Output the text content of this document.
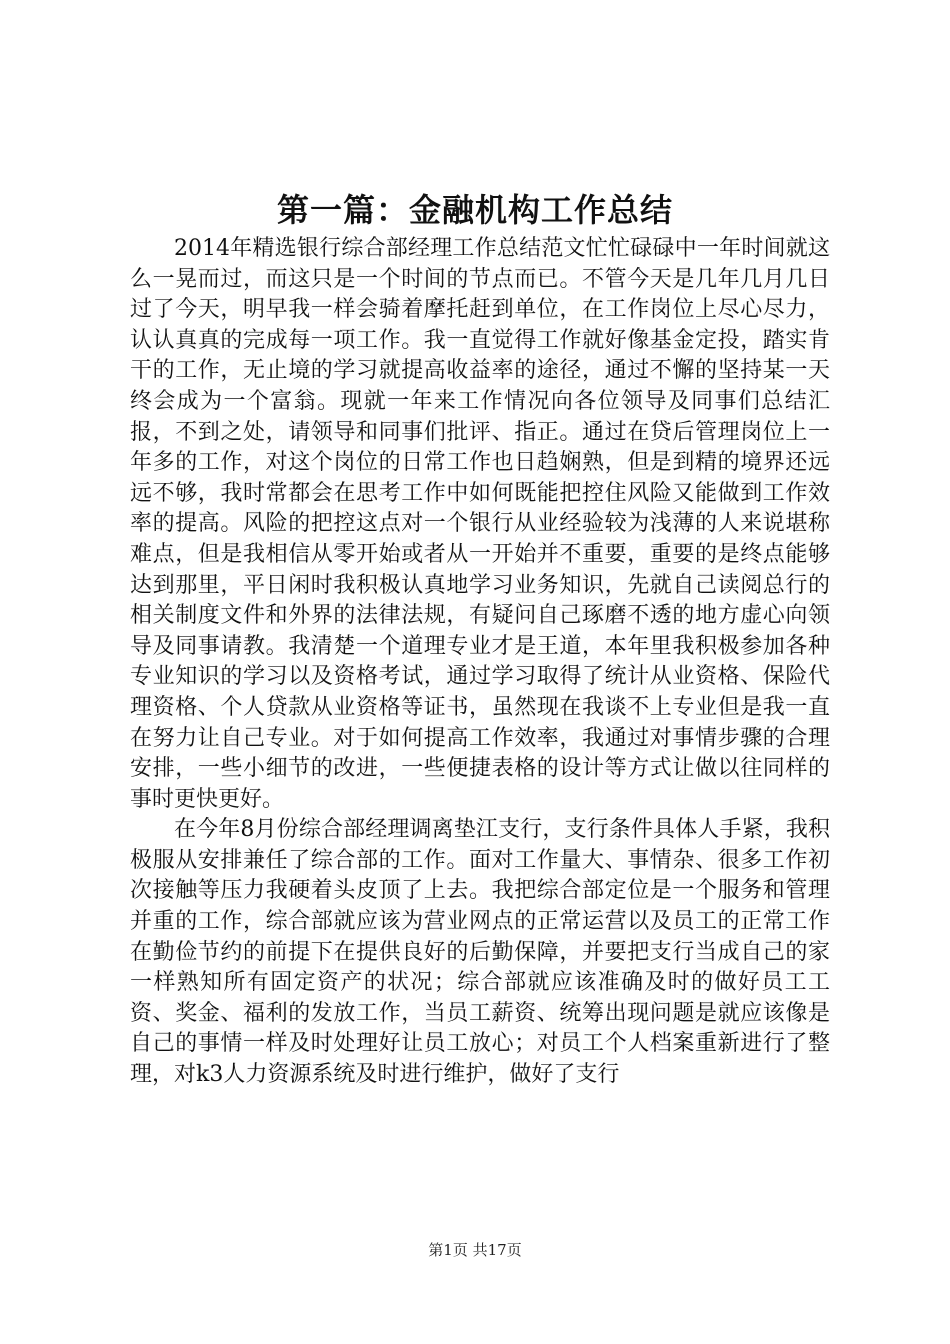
第一篇：金融机构工作总结

2014年精选银行综合部经理工作总结范文忙忙碌碌中一年时间就这么一晃而过，而这只是一个时间的节点而已。不管今天是几年几月几日过了今天，明早我一样会骑着摩托赶到单位，在工作岗位上尽心尽力，认认真真的完成每一项工作。我一直觉得工作就好像基金定投，踏实肯干的工作，无止境的学习就提高收益率的途径，通过不懈的坚持某一天终会成为一个富翁。现就一年来工作情况向各位领导及同事们总结汇报，不到之处，请领导和同事们批评、指正。通过在贷后管理岗位上一年多的工作，对这个岗位的日常工作也日趋娴熟，但是到精的境界还远远不够，我时常都会在思考工作中如何既能把控住风险又能做到工作效率的提高。风险的把控这点对一个银行从业经验较为浅薄的人来说堪称难点，但是我相信从零开始或者从一开始并不重要，重要的是终点能够达到那里，平日闲时我积极认真地学习业务知识，先就自己读阅总行的相关制度文件和外界的法律法规，有疑问自己琢磨不透的地方虚心向领导及同事请教。我清楚一个道理专业才是王道，本年里我积极参加各种专业知识的学习以及资格考试，通过学习取得了统计从业资格、保险代理资格、个人贷款从业资格等证书，虽然现在我谈不上专业但是我一直在努力让自己专业。对于如何提高工作效率，我通过对事情步骤的合理安排，一些小细节的改进，一些便捷表格的设计等方式让做以往同样的事时更快更好。

在今年8月份综合部经理调离垫江支行，支行条件具体人手紧，我积极服从安排兼任了综合部的工作。面对工作量大、事情杂、很多工作初次接触等压力我硬着头皮顶了上去。我把综合部定位是一个服务和管理并重的工作，综合部就应该为营业网点的正常运营以及员工的正常工作在勤俭节约的前提下在提供良好的后勤保障，并要把支行当成自己的家一样熟知所有固定资产的状况；综合部就应该准确及时的做好员工工资、奖金、福利的发放工作，当员工薪资、统筹出现问题是就应该像是自己的事情一样及时处理好让员工放心；对员工个人档案重新进行了整理，对k3人力资源系统及时进行维护，做好了支行

第1页 共17页
